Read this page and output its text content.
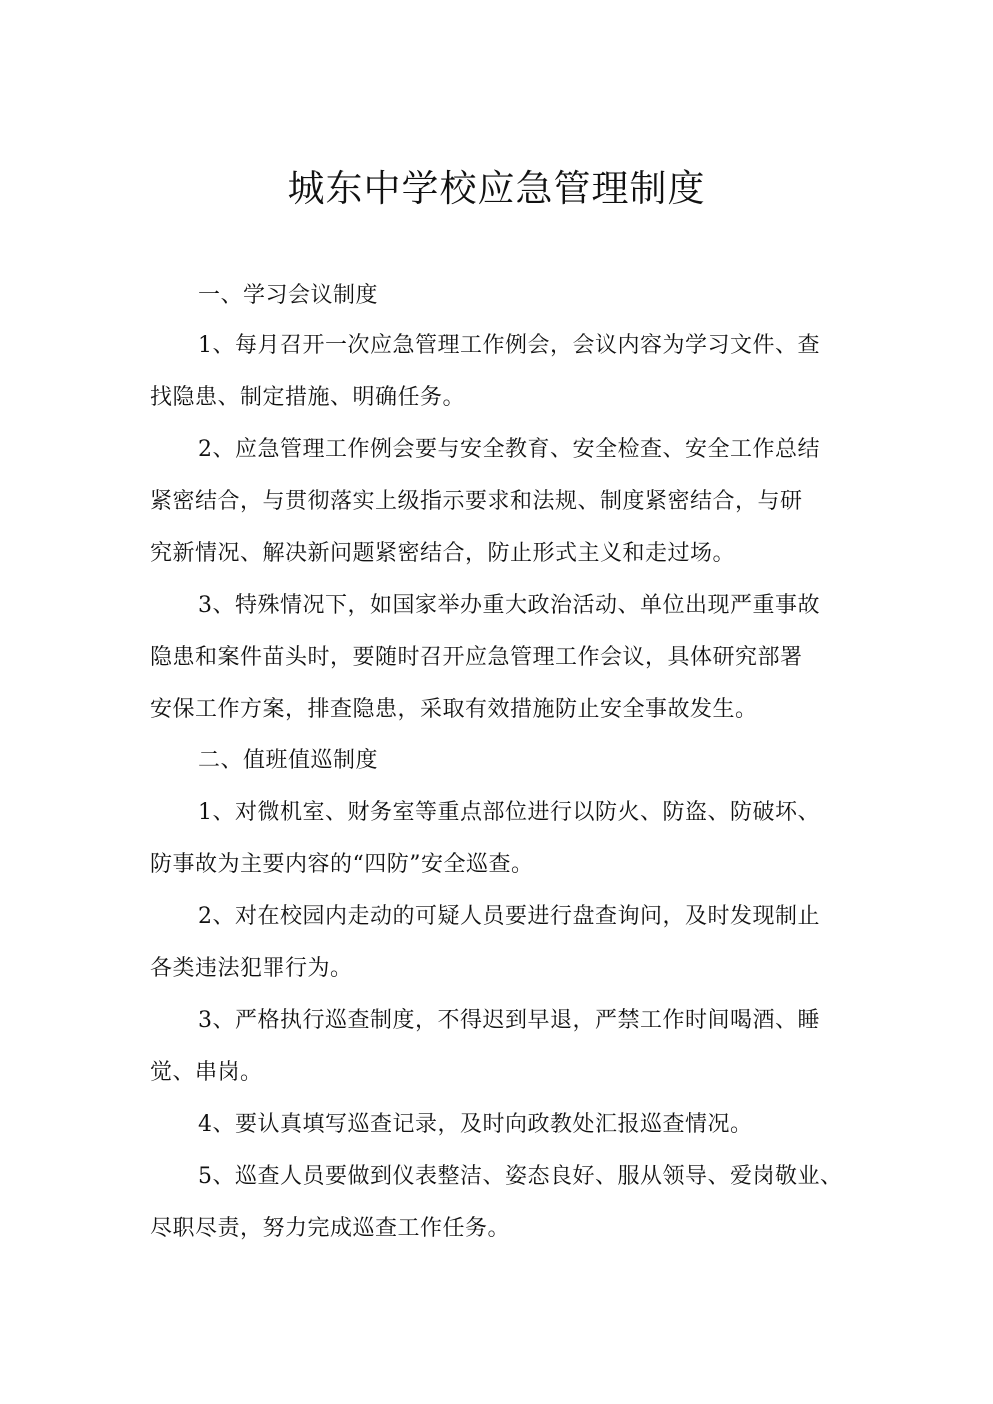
城东中学校应急管理制度

一、学习会议制度

1、每月召开一次应急管理工作例会，会议内容为学习文件、查

找隐患、制定措施、明确任务。

2、应急管理工作例会要与安全教育、安全检查、安全工作总结

紧密结合，与贯彻落实上级指示要求和法规、制度紧密结合，与研

究新情况、解决新问题紧密结合，防止形式主义和走过场。

3、特殊情况下，如国家举办重大政治活动、单位出现严重事故

隐患和案件苗头时，要随时召开应急管理工作会议，具体研究部署

安保工作方案，排查隐患，采取有效措施防止安全事故发生。

二、值班值巡制度

1、对微机室、财务室等重点部位进行以防火、防盗、防破坏、

防事故为主要内容的“四防”安全巡查。

2、对在校园内走动的可疑人员要进行盘查询问，及时发现制止

各类违法犯罪行为。

3、严格执行巡查制度，不得迟到早退，严禁工作时间喝酒、睡

觉、串岗。

4、要认真填写巡查记录，及时向政教处汇报巡查情况。

5、巡查人员要做到仪表整洁、姿态良好、服从领导、爱岗敬业、

尽职尽责，努力完成巡查工作任务。
